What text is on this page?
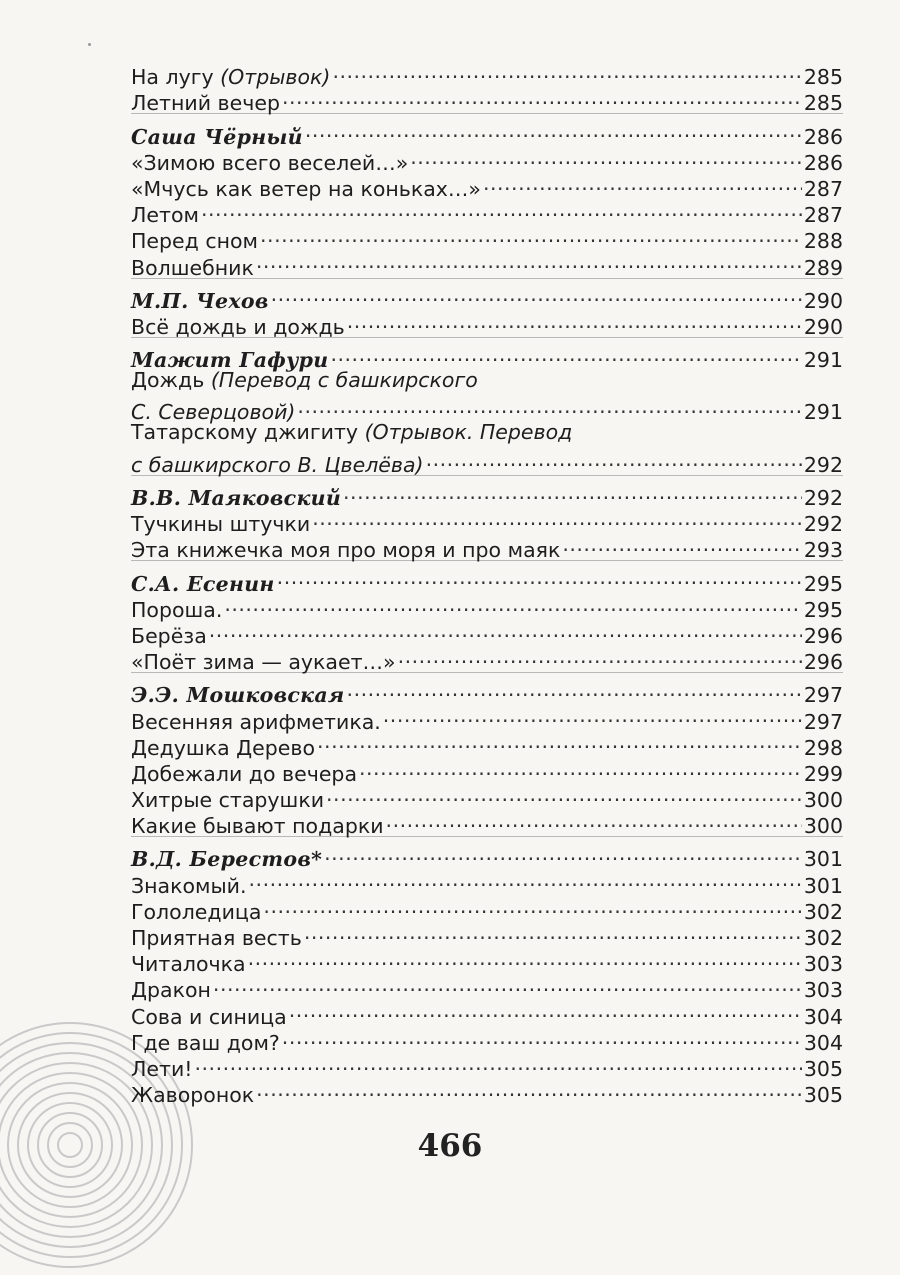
На лугу (Отрывок) .....	285
Летний вечер .....	285
Саша Чёрный .....	286
«Зимою всего веселей…» .....	286
«Мчусь как ветер на коньках…» .....	287
Летом .....	287
Перед сном .....	288
Волшебник .....	289
М.П. Чехов .....	290
Всё дождь и дождь .....	290
Мажит Гафури .....	291
Дождь (Перевод с башкирского
С. Северцовой) .....	291
Татарскому джигиту (Отрывок. Перевод
с башкирского В. Цвелёва) .....	292
В.В. Маяковский .....	292
Тучкины штучки .....	292
Эта книжечка моя про моря и про маяк .....	293
С.А. Есенин .....	295
Пороша. .....	295
Берёза .....	296
«Поёт зима — аукает…» .....	296
Э.Э. Мошковская .....	297
Весенняя арифметика. .....	297
Дедушка Дерево .....	298
Добежали до вечера .....	299
Хитрые старушки .....	300
Какие бывают подарки .....	300
В.Д. Берестов* .....	301
Знакомый. .....	301
Гололедица .....	302
Приятная весть .....	302
Читалочка .....	303
Дракон .....	303
Сова и синица .....	304
Где ваш дом? .....	304
Лети! .....	305
Жаворонок .....	305
466
